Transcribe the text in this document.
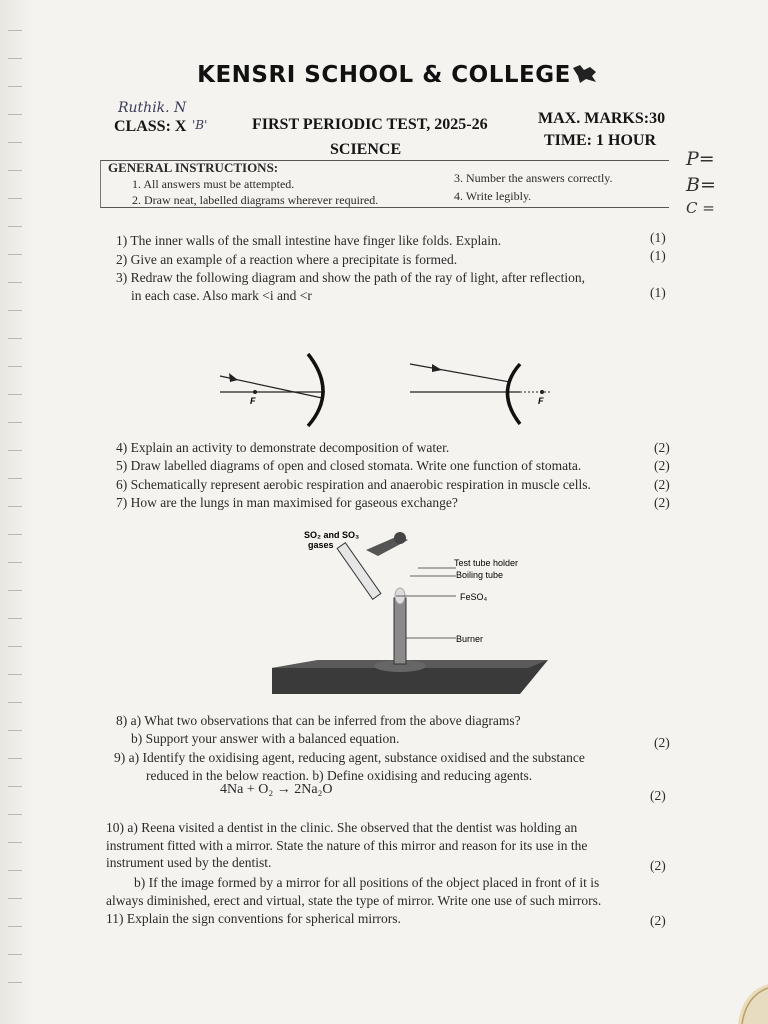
KENSRI SCHOOL & COLLEGE
Ruthik. N
CLASS: X 'B'	FIRST PERIODIC TEST, 2025-26
SCIENCE
MAX. MARKS:30
TIME: 1 HOUR
P=
B=
C =
GENERAL INSTRUCTIONS:
1. All answers must be attempted.
2. Draw neat, labelled diagrams wherever required.
3. Number the answers correctly.
4. Write legibly.
1) The inner walls of the small intestine have finger like folds. Explain.	(1)
2) Give an example of a reaction where a precipitate is formed.	(1)
3) Redraw the following diagram and show the path of the ray of light, after reflection,
in each case. Also mark <i and <r	(1)
F	F
4) Explain an activity to demonstrate decomposition of water.	(2)
5) Draw labelled diagrams of open and closed stomata. Write one function of stomata.	(2)
6) Schematically represent aerobic respiration and anaerobic respiration in muscle cells.	(2)
7) How are the lungs in man maximised for gaseous exchange?	(2)
SO₂ and SO₃
gases
Test tube holder
Boiling tube
FeSO₄
Burner
8) a) What two observations that can be inferred from the above diagrams?
b) Support your answer with a balanced equation.	(2)
9) a) Identify the oxidising agent, reducing agent, substance oxidised and the substance
reduced in the below reaction. b) Define oxidising and reducing agents.
4Na + O₂ → 2Na₂O	(2)
10) a) Reena visited a dentist in the clinic. She observed that the dentist was holding an
instrument fitted with a mirror. State the nature of this mirror and reason for its use in the
instrument used by the dentist.	(2)
b) If the image formed by a mirror for all positions of the object placed in front of it is
always diminished, erect and virtual, state the type of mirror. Write one use of such mirrors.
11) Explain the sign conventions for spherical mirrors.	(2)
